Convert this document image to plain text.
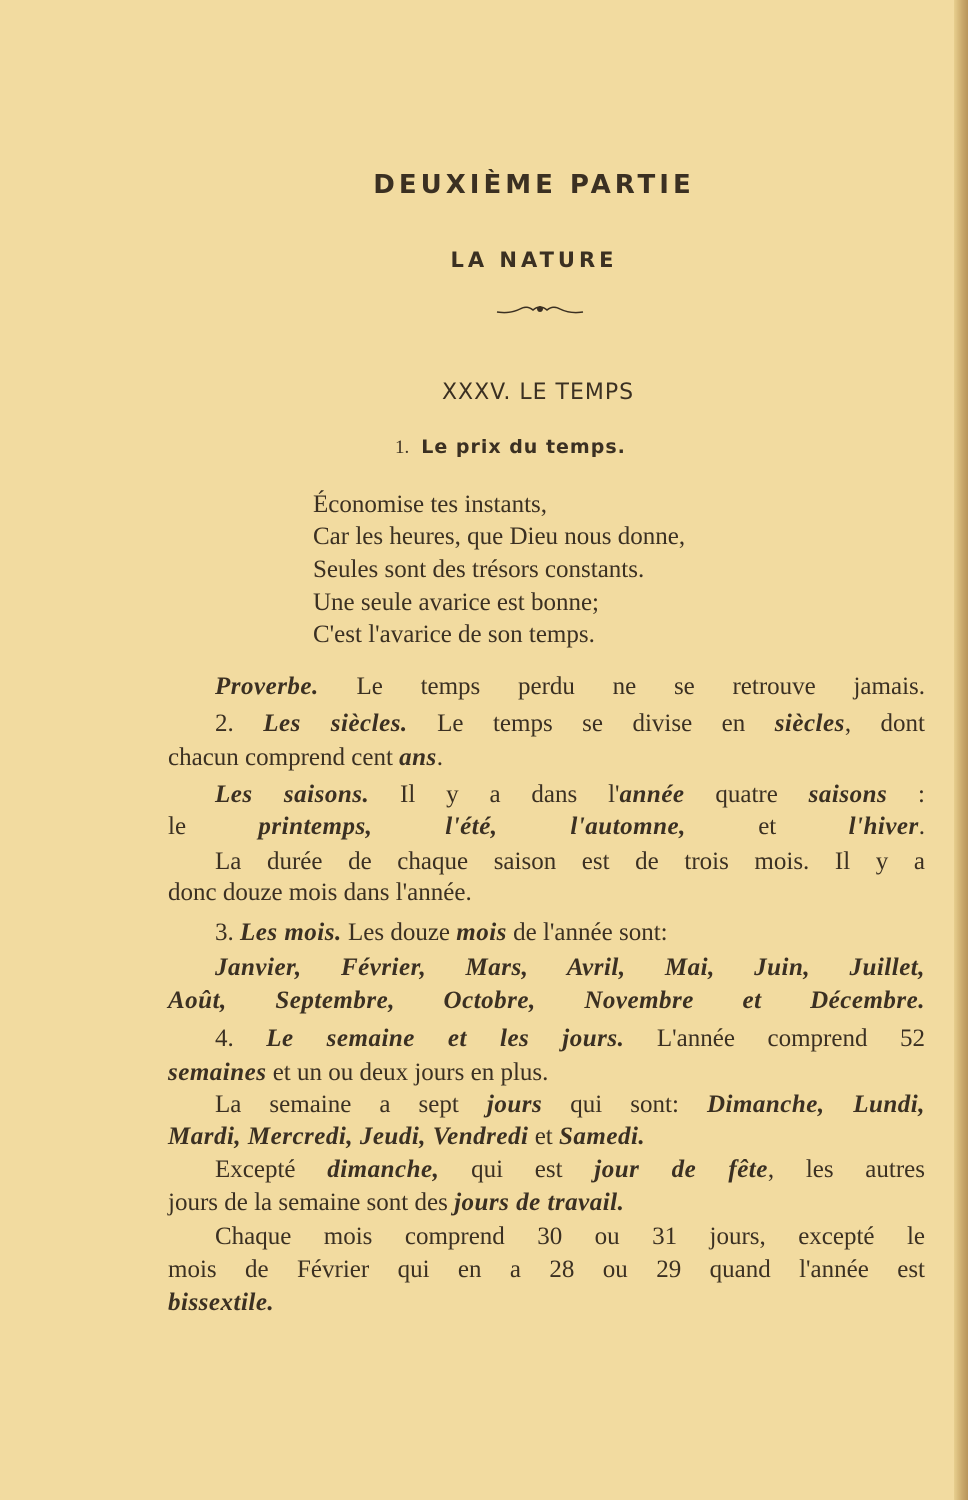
DEUXIÈME PARTIE
LA NATURE
XXXV. LE TEMPS
1. Le prix du temps.
Économise tes instants,
Car les heures, que Dieu nous donne,
Seules sont des trésors constants.
Une seule avarice est bonne;
C'est l'avarice de son temps.
Proverbe. Le temps perdu ne se retrouve jamais.
2. Les siècles. Le temps se divise en siècles, dont
chacun comprend cent ans.
Les saisons. Il y a dans l'année quatre saisons :
le printemps, l'été, l'automne, et l'hiver.
La durée de chaque saison est de trois mois. Il y a
donc douze mois dans l'année.
3. Les mois. Les douze mois de l'année sont:
Janvier, Février, Mars, Avril, Mai, Juin, Juillet,
Août, Septembre, Octobre, Novembre et Décembre.
4. Le semaine et les jours. L'année comprend 52
semaines et un ou deux jours en plus.
La semaine a sept jours qui sont: Dimanche, Lundi,
Mardi, Mercredi, Jeudi, Vendredi et Samedi.
Excepté dimanche, qui est jour de fête, les autres
jours de la semaine sont des jours de travail.
Chaque mois comprend 30 ou 31 jours, excepté le
mois de Février qui en a 28 ou 29 quand l'année est
bissextile.
